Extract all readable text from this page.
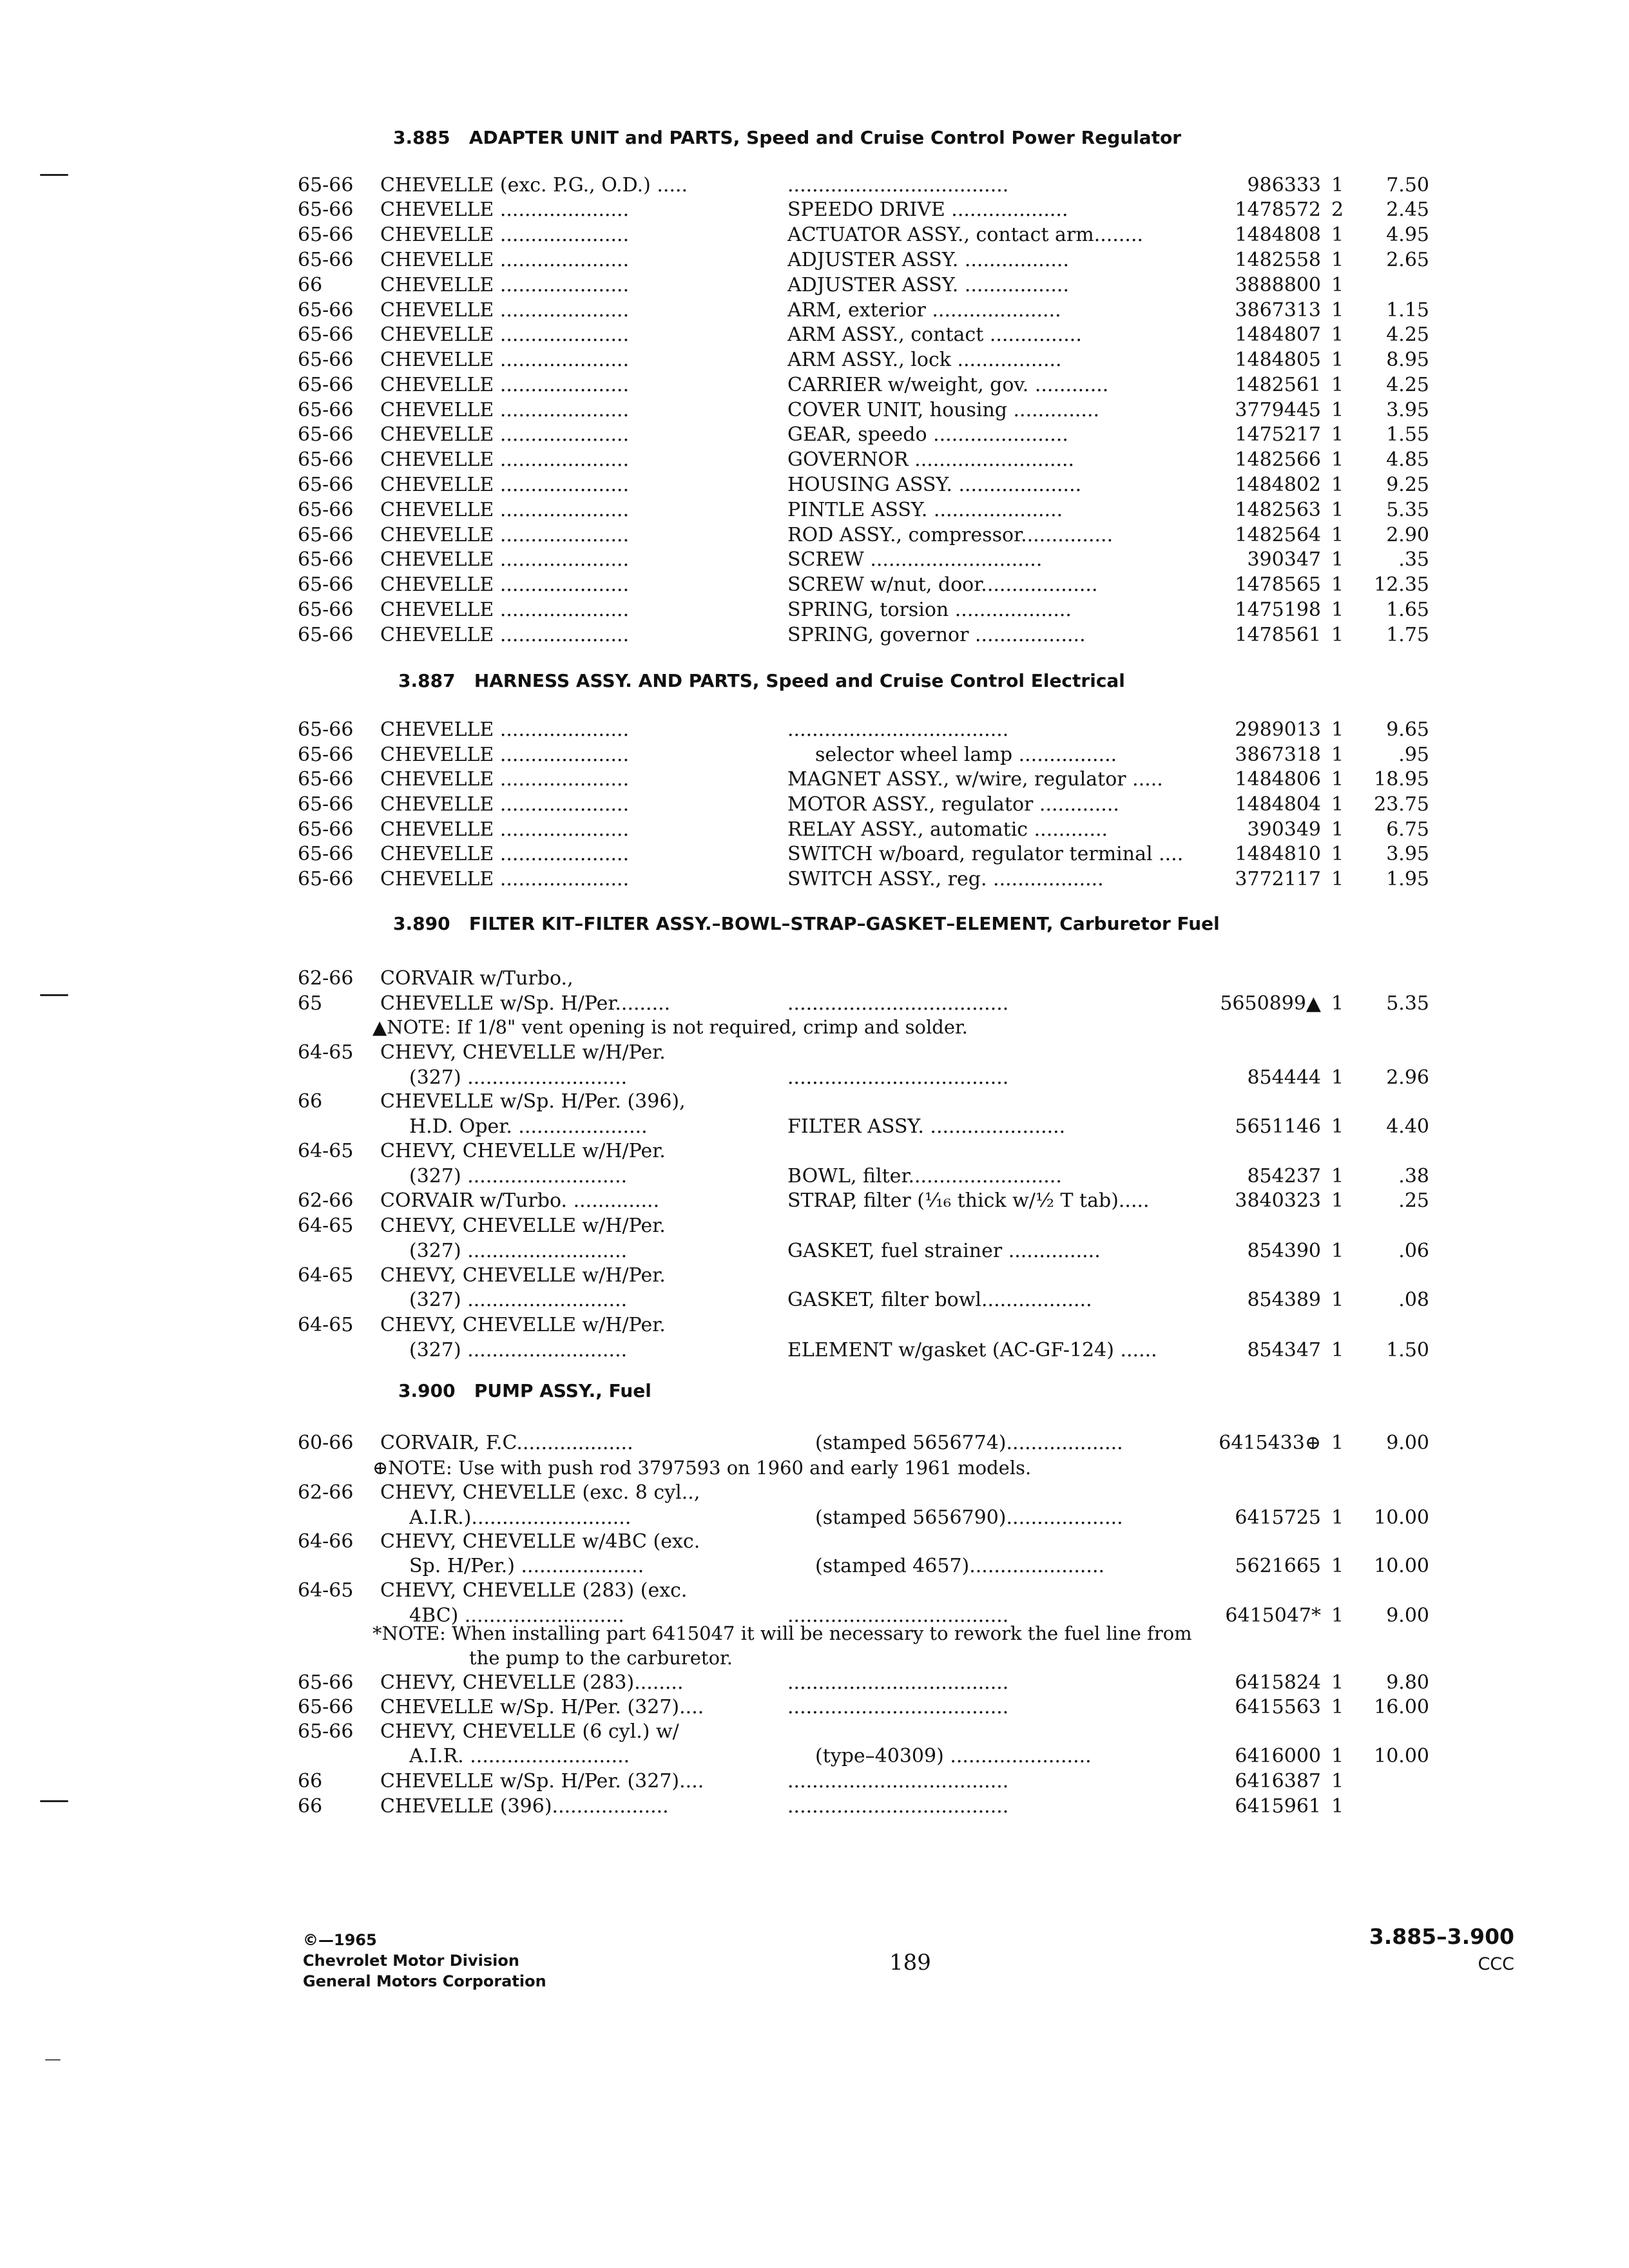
3.885 ADAPTER UNIT and PARTS, Speed and Cruise Control Power Regulator
65-66	CHEVELLE (exc. P.G., O.D.) .....	....................................	986333 1	7.50
65-66	CHEVELLE .....................	SPEEDO DRIVE ...................	1478572 2	2.45
65-66	CHEVELLE .....................	ACTUATOR ASSY., contact arm........	1484808 1	4.95
65-66	CHEVELLE .....................	ADJUSTER ASSY. .................	1482558 1	2.65
66	CHEVELLE .....................	ADJUSTER ASSY. .................	3888800 1
65-66	CHEVELLE .....................	ARM, exterior .....................	3867313 1	1.15
65-66	CHEVELLE .....................	ARM ASSY., contact ...............	1484807 1	4.25
65-66	CHEVELLE .....................	ARM ASSY., lock .................	1484805 1	8.95
65-66	CHEVELLE .....................	CARRIER w/weight, gov. ............	1482561 1	4.25
65-66	CHEVELLE .....................	COVER UNIT, housing ..............	3779445 1	3.95
65-66	CHEVELLE .....................	GEAR, speedo ......................	1475217 1	1.55
65-66	CHEVELLE .....................	GOVERNOR ..........................	1482566 1	4.85
65-66	CHEVELLE .....................	HOUSING ASSY. ....................	1484802 1	9.25
65-66	CHEVELLE .....................	PINTLE ASSY. .....................	1482563 1	5.35
65-66	CHEVELLE .....................	ROD ASSY., compressor...............	1482564 1	2.90
65-66	CHEVELLE .....................	SCREW ............................	390347 1	.35
65-66	CHEVELLE .....................	SCREW w/nut, door...................	1478565 1	12.35
65-66	CHEVELLE .....................	SPRING, torsion ...................	1475198 1	1.65
65-66	CHEVELLE .....................	SPRING, governor ..................	1478561 1	1.75
3.887 HARNESS ASSY. AND PARTS, Speed and Cruise Control Electrical
65-66	CHEVELLE .....................	....................................	2989013 1	9.65
65-66	CHEVELLE .....................	selector wheel lamp ................	3867318 1	.95
65-66	CHEVELLE .....................	MAGNET ASSY., w/wire, regulator .....	1484806 1	18.95
65-66	CHEVELLE .....................	MOTOR ASSY., regulator .............	1484804 1	23.75
65-66	CHEVELLE .....................	RELAY ASSY., automatic ............	390349 1	6.75
65-66	CHEVELLE .....................	SWITCH w/board, regulator terminal ....	1484810 1	3.95
65-66	CHEVELLE .....................	SWITCH ASSY., reg. ..................	3772117 1	1.95
3.890 FILTER KIT–FILTER ASSY.–BOWL–STRAP–GASKET–ELEMENT, Carburetor Fuel
62-66	CORVAIR w/Turbo.,
65	CHEVELLE w/Sp. H/Per.........	....................................	5650899▲ 1	5.35
64-65	CHEVY, CHEVELLE w/H/Per.
(327) ..........................	....................................	854444 1	2.96
66	CHEVELLE w/Sp. H/Per. (396),
H.D. Oper. .....................	FILTER ASSY. ......................	5651146 1	4.40
64-65	CHEVY, CHEVELLE w/H/Per.
(327) ..........................	BOWL, filter.........................	854237 1	.38
62-66	CORVAIR w/Turbo. ..............	STRAP, filter (¹⁄₁₆ thick w/½ T tab).....	3840323 1	.25
64-65	CHEVY, CHEVELLE w/H/Per.
(327) ..........................	GASKET, fuel strainer ...............	854390 1	.06
64-65	CHEVY, CHEVELLE w/H/Per.
(327) ..........................	GASKET, filter bowl..................	854389 1	.08
64-65	CHEVY, CHEVELLE w/H/Per.
(327) ..........................	ELEMENT w/gasket (AC-GF-124) ......	854347 1	1.50
▲NOTE: If 1/8" vent opening is not required, crimp and solder.
3.900 PUMP ASSY., Fuel
60-66	CORVAIR, F.C...................	(stamped 5656774)...................	6415433⊕ 1	9.00
62-66	CHEVY, CHEVELLE (exc. 8 cyl..,
A.I.R.)..........................	(stamped 5656790)...................	6415725 1	10.00
64-66	CHEVY, CHEVELLE w/4BC (exc.
Sp. H/Per.) ....................	(stamped 4657)......................	5621665 1	10.00
64-65	CHEVY, CHEVELLE (283) (exc.
4BC) ..........................	....................................	6415047* 1	9.00
65-66	CHEVY, CHEVELLE (283)........	....................................	6415824 1	9.80
65-66	CHEVELLE w/Sp. H/Per. (327)....	....................................	6415563 1	16.00
65-66	CHEVY, CHEVELLE (6 cyl.) w/
A.I.R. ..........................	(type–40309) .......................	6416000 1	10.00
66	CHEVELLE w/Sp. H/Per. (327)....	....................................	6416387 1
66	CHEVELLE (396)...................	....................................	6415961 1
⊕NOTE: Use with push rod 3797593 on 1960 and early 1961 models.
*NOTE: When installing part 6415047 it will be necessary to rework the fuel line from
the pump to the carburetor.
©—1965
Chevrolet Motor Division
General Motors Corporation
189
3.885–3.900
CCC
